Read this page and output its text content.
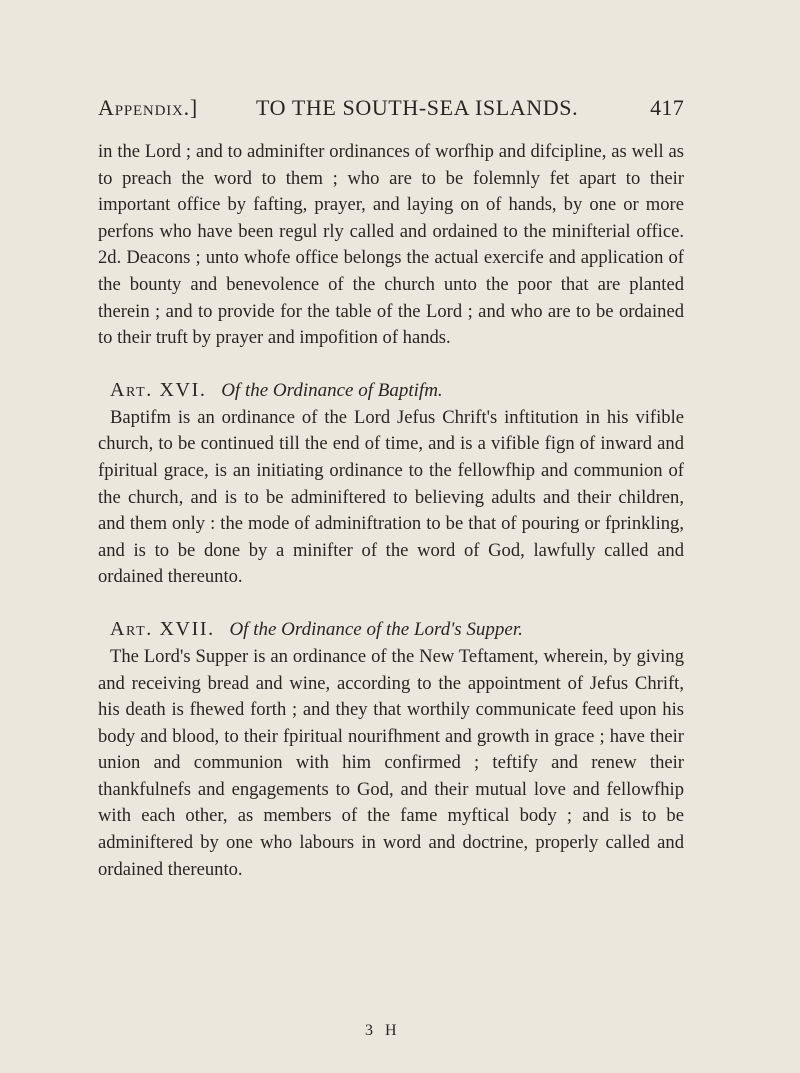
Appendix.]	TO THE SOUTH-SEA ISLANDS.	417

in the Lord ; and to adminifter ordinances of worfhip and difcipline, as well as to preach the word to them ; who are to be folemnly fet apart to their important office by fafting, prayer, and laying on of hands, by one or more perfons who have been regul rly called and ordained to the minifterial office. 2d. Deacons ; unto whofe office belongs the actual exercife and application of the bounty and benevolence of the church unto the poor that are planted therein ; and to provide for the table of the Lord ; and who are to be ordained to their truft by prayer and impofition of hands.

Art. XVI. Of the Ordinance of Baptifm.

Baptifm is an ordinance of the Lord Jefus Chrift's inftitution in his vifible church, to be continued till the end of time, and is a vifible fign of inward and fpiritual grace, is an initiating ordinance to the fellowfhip and communion of the church, and is to be adminiftered to believing adults and their children, and them only : the mode of adminiftration to be that of pouring or fprinkling, and is to be done by a minifter of the word of God, lawfully called and ordained thereunto.

Art. XVII. Of the Ordinance of the Lord's Supper.

The Lord's Supper is an ordinance of the New Teftament, wherein, by giving and receiving bread and wine, according to the appointment of Jefus Chrift, his death is fhewed forth ; and they that worthily communicate feed upon his body and blood, to their fpiritual nourifhment and growth in grace ; have their union and communion with him confirmed ; teftify and renew their thankfulnefs and engagements to God, and their mutual love and fellowfhip with each other, as members of the fame myftical body ; and is to be adminiftered by one who labours in word and doctrine, properly called and ordained thereunto.

3 H
